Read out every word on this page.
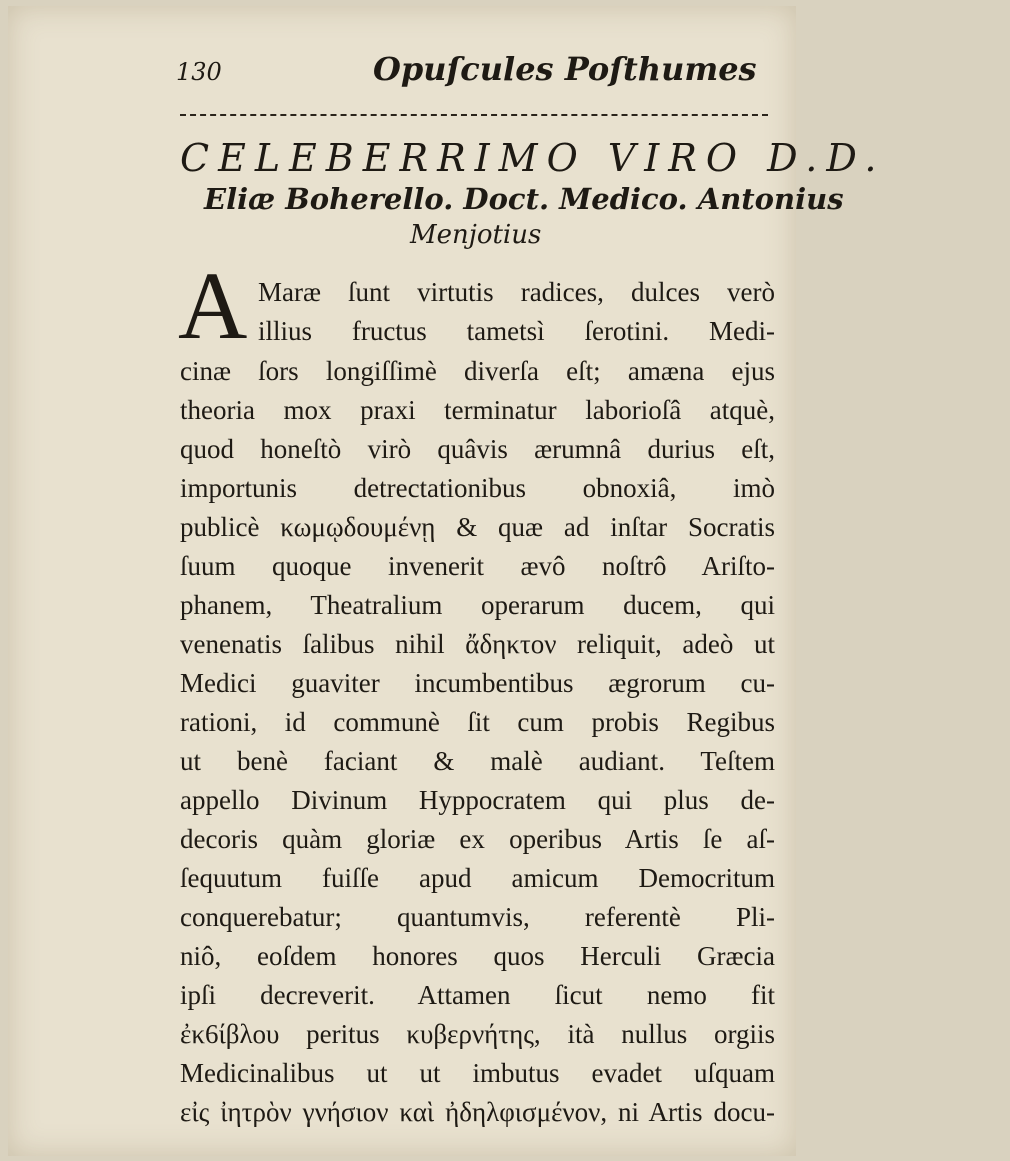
130	Opuſcules Poſthumes
CELEBERRIMO VIRO D.D.
Eliæ Boherello. Doct. Medico. Antonius
Menjotius
A Maræ ſunt virtutis radices, dulces verò
illius fructus tametsì ſerotini. Medi-
cinæ ſors longiſſimè diverſa eſt; amæna ejus
theoria mox praxi terminatur laborioſâ atquè,
quod honeſtò virò quâvis ærumnâ durius eſt,
importunis detrectationibus obnoxiâ, imò
publicè κωμῳδουμένῃ & quæ ad inſtar Socratis
ſuum quoque invenerit ævô noſtrô Ariſto-
phanem, Theatralium operarum ducem, qui
venenatis ſalibus nihil ἄδηκτον reliquit, adeò ut
Medici guaviter incumbentibus ægrorum cu-
rationi, id communè ſit cum probis Regibus
ut benè faciant & malè audiant. Teſtem
appello Divinum Hyppocratem qui plus de-
decoris quàm gloriæ ex operibus Artis ſe aſ-
ſequutum fuiſſe apud amicum Democritum
conquerebatur; quantumvis, referentè Pli-
niô, eoſdem honores quos Herculi Græcia
ipſi decreverit. Attamen ſicut nemo fit
ἐκ6ίβλου peritus κυβερνήτης, ità nullus orgiis
Medicinalibus ut ut imbutus evadet uſquam
εἰς ἰητρὸν γνήσιον καὶ ἠδηλφισμένον, ni Artis docu-
